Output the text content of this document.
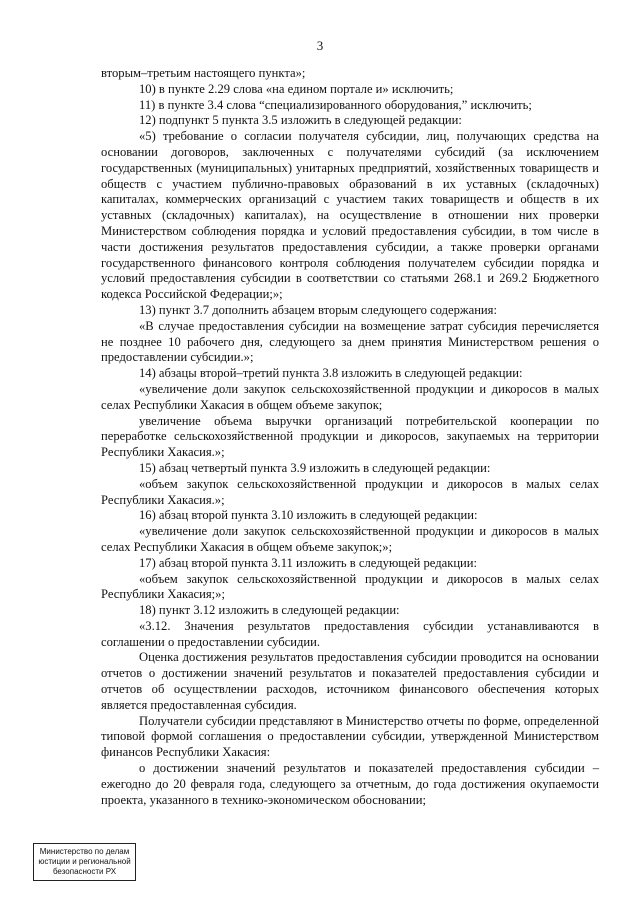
3

вторым–третьим настоящего пункта»;

10) в пункте 2.29 слова «на едином портале и» исключить;

11) в пункте 3.4 слова “специализированного оборудования,” исключить;

12) подпункт 5 пункта 3.5 изложить в следующей редакции:

«5) требование о согласии получателя субсидии, лиц, получающих средства на основании договоров, заключенных с получателями субсидий (за исключением государственных (муниципальных) унитарных предприятий, хозяйственных товариществ и обществ с участием публично-правовых образований в их уставных (складочных) капиталах, коммерческих организаций с участием таких товариществ и обществ в их уставных (складочных) капиталах), на осуществление в отношении них проверки Министерством соблюдения порядка и условий предоставления субсидии, в том числе в части достижения результатов предоставления субсидии, а также проверки органами государственного финансового контроля соблюдения получателем субсидии порядка и условий предоставления субсидии в соответствии со статьями 268.1 и 269.2 Бюджетного кодекса Российской Федерации;»;

13) пункт 3.7 дополнить абзацем вторым следующего содержания:

«В случае предоставления субсидии на возмещение затрат субсидия перечисляется не позднее 10 рабочего дня, следующего за днем принятия Министерством решения о предоставлении субсидии.»;

14) абзацы второй–третий пункта 3.8 изложить в следующей редакции:

«увеличение доли закупок сельскохозяйственной продукции и дикоросов в малых селах Республики Хакасия в общем объеме закупок;

увеличение объема выручки организаций потребительской кооперации по переработке сельскохозяйственной продукции и дикоросов, закупаемых на территории Республики Хакасия.»;

15) абзац четвертый пункта 3.9 изложить в следующей редакции:

«объем закупок сельскохозяйственной продукции и дикоросов в малых селах Республики Хакасия.»;

16) абзац второй пункта 3.10 изложить в следующей редакции:

«увеличение доли закупок сельскохозяйственной продукции и дикоросов в малых селах Республики Хакасия в общем объеме закупок;»;

17) абзац второй пункта 3.11 изложить в следующей редакции:

«объем закупок сельскохозяйственной продукции и дикоросов в малых селах Республики Хакасия;»;

18) пункт 3.12 изложить в следующей редакции:

«3.12. Значения результатов предоставления субсидии устанавливаются в соглашении о предоставлении субсидии.

Оценка достижения результатов предоставления субсидии проводится на основании отчетов о достижении значений результатов и показателей предоставления субсидии и отчетов об осуществлении расходов, источником финансового обеспечения которых является предоставленная субсидия.

Получатели субсидии представляют в Министерство отчеты по форме, определенной типовой формой соглашения о предоставлении субсидии, утвержденной Министерством финансов Республики Хакасия:

о достижении значений результатов и показателей предоставления субсидии – ежегодно до 20 февраля года, следующего за отчетным, до года достижения окупаемости проекта, указанного в технико-экономическом обосновании;

Министерство по делам
юстиции и региональной
безопасности РХ
